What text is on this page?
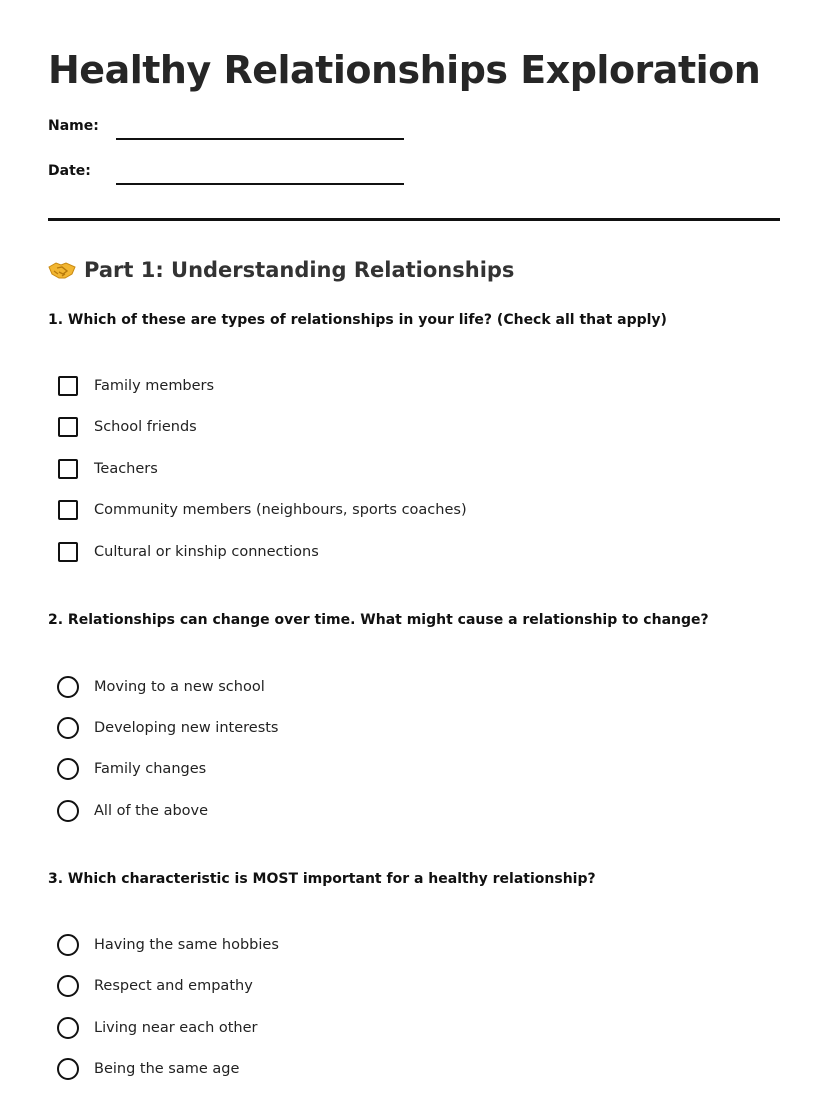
Healthy Relationships Exploration
Name:
Date:
Part 1: Understanding Relationships

1. Which of these are types of relationships in your life? (Check all that apply)

Family members
School friends
Teachers
Community members (neighbours, sports coaches)
Cultural or kinship connections

2. Relationships can change over time. What might cause a relationship to change?

Moving to a new school
Developing new interests
Family changes
All of the above

3. Which characteristic is MOST important for a healthy relationship?

Having the same hobbies
Respect and empathy
Living near each other
Being the same age
